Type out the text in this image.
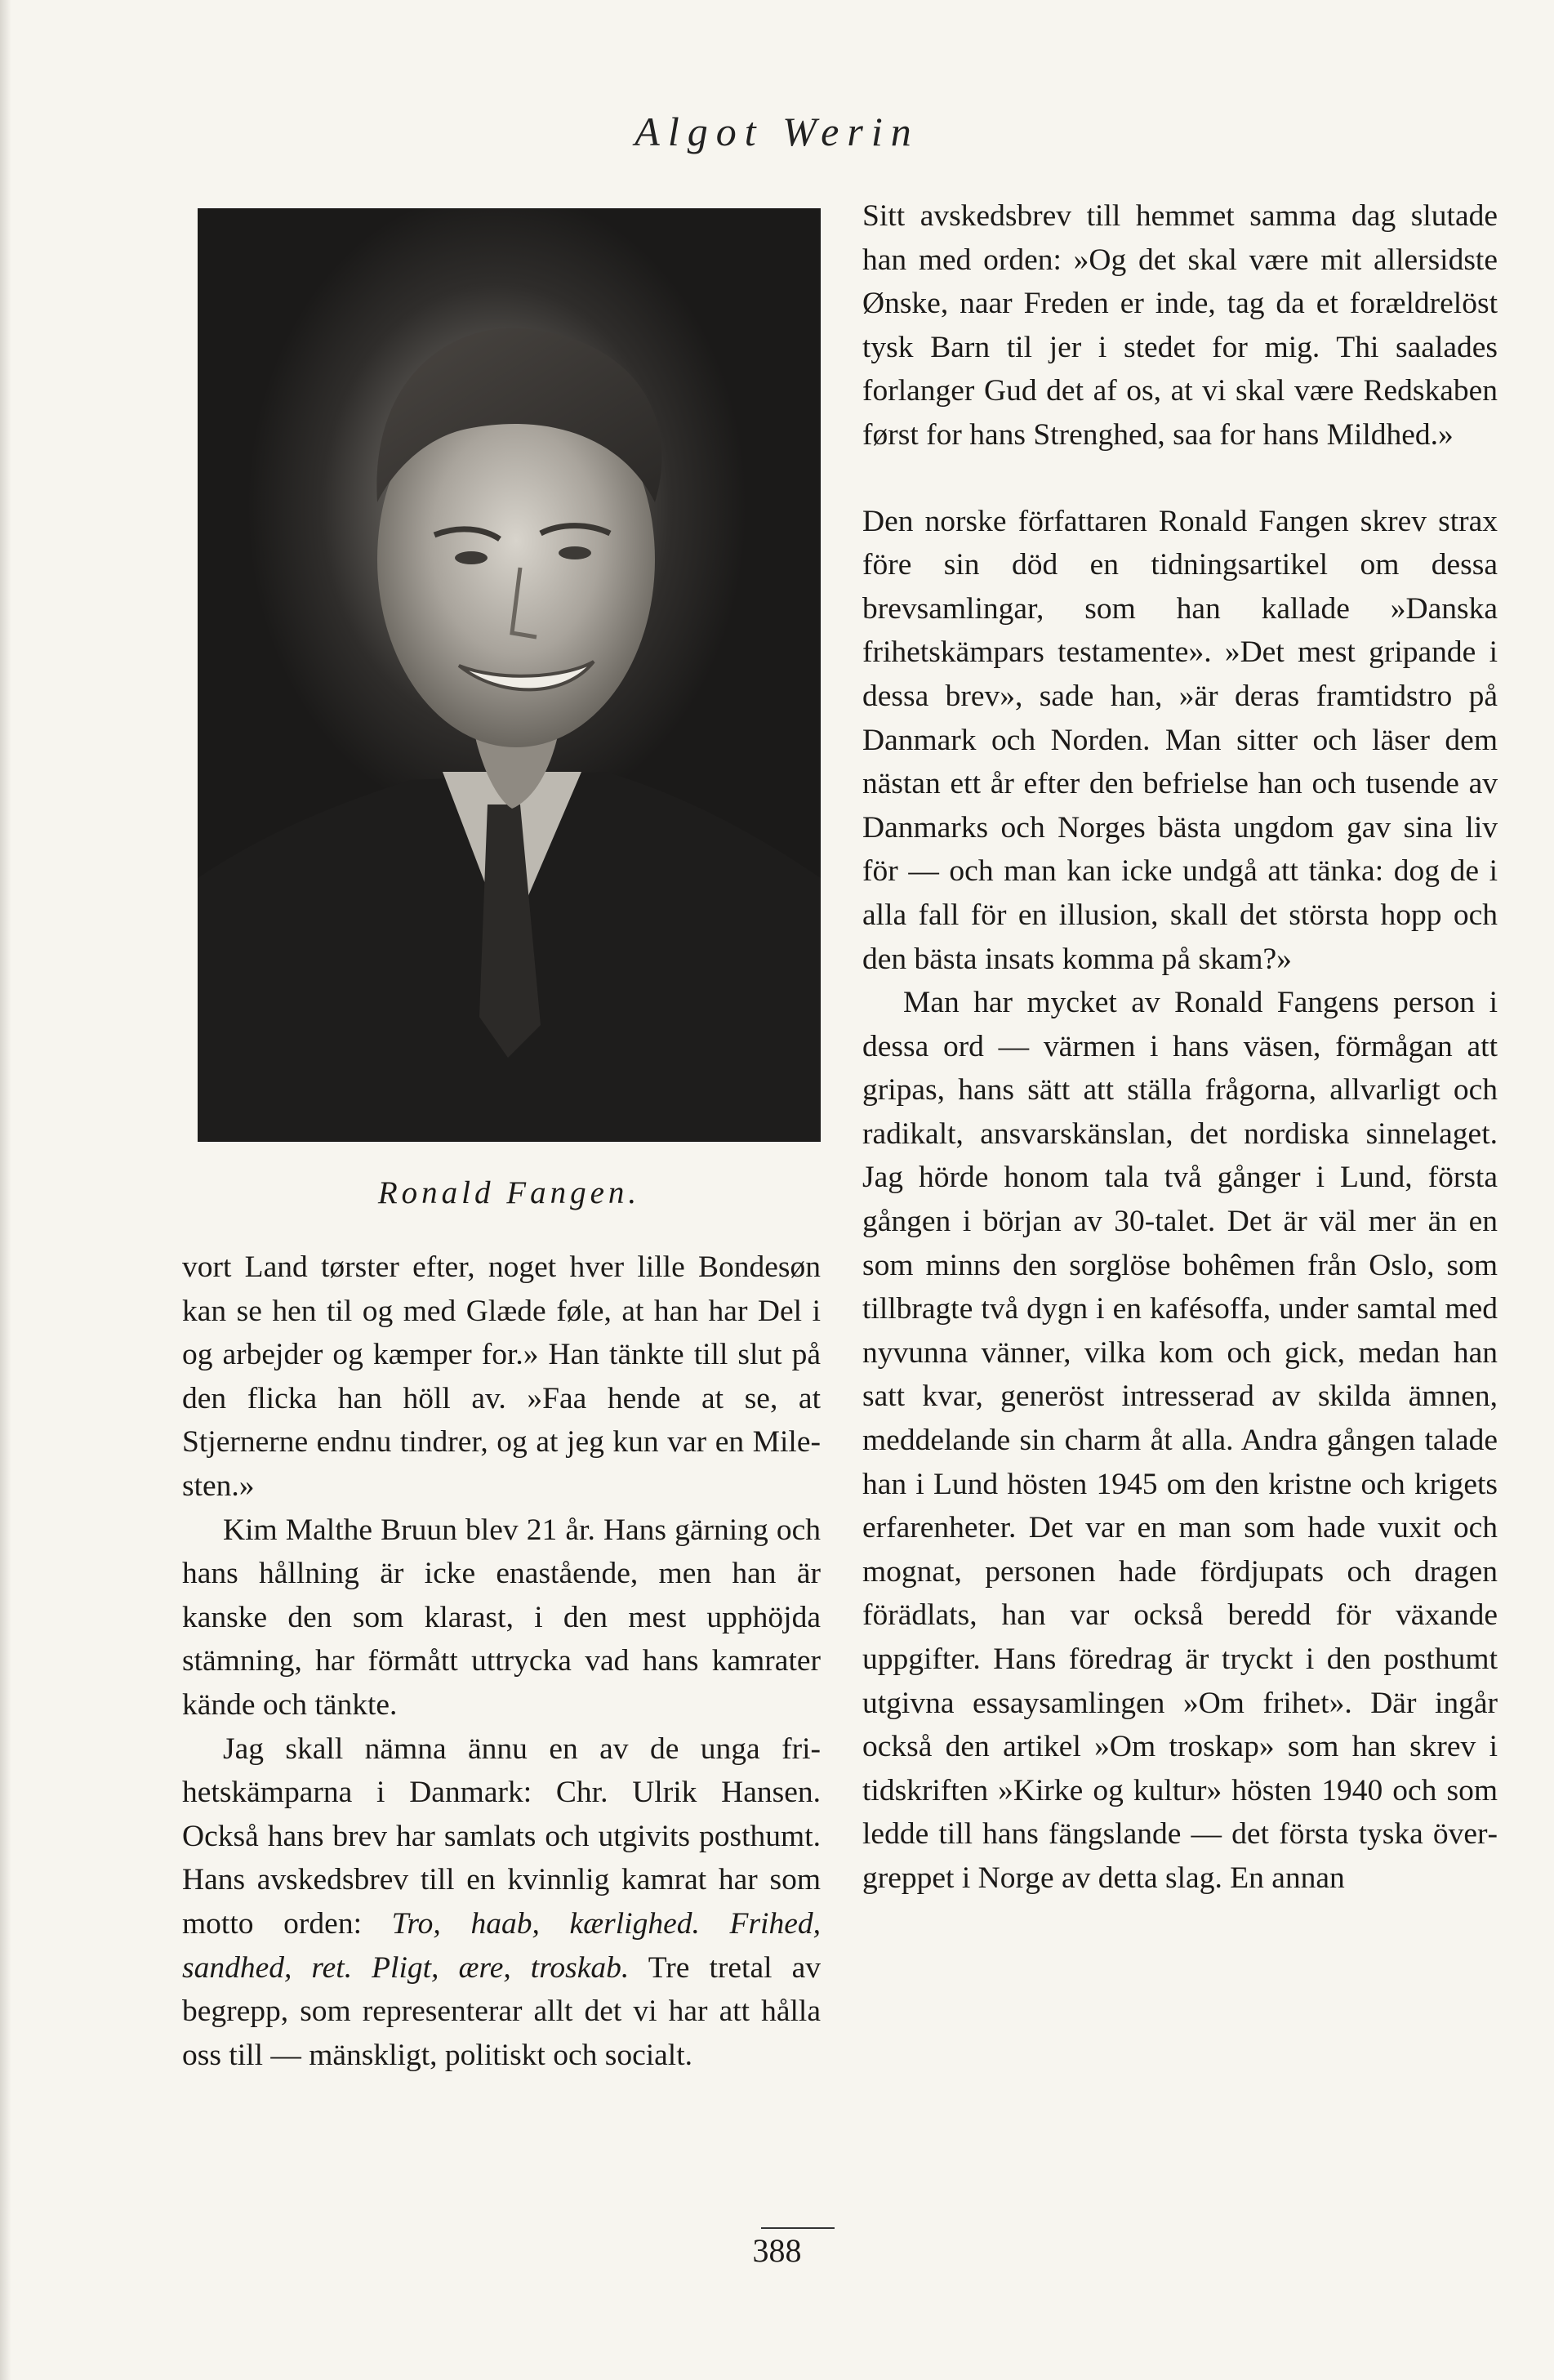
Algot Werin
Ronald Fangen.

vort Land tørster efter, noget hver lille Bondesøn kan se hen til og med Glæde føle, at han har Del i og arbejder og kæmper for.» Han tänkte till slut på den flicka han höll av. »Faa hende at se, at Stjernerne endnu tindrer, og at jeg kun var en Milesten.»

Kim Malthe Bruun blev 21 år. Hans gärning och hans hållning är icke enastående, men han är kanske den som klarast, i den mest upphöjda stämning, har förmått uttrycka vad hans kamrater kände och tänkte.

Jag skall nämna ännu en av de unga frihetskämparna i Danmark: Chr. Ulrik Hansen. Också hans brev har samlats och utgivits posthumt. Hans avskedsbrev till en kvinnlig kamrat har som motto orden: Tro, haab, kærlighed. Frihed, sandhed, ret. Pligt, ære, troskab. Tre tretal av begrepp, som representerar allt det vi har att hålla oss till — mänskligt, politiskt och socialt.

Sitt avskedsbrev till hemmet samma dag slutade han med orden: »Og det skal være mit allersidste Ønske, naar Freden er inde, tag da et forældrelöst tysk Barn til jer i stedet for mig. Thi saalades forlanger Gud det af os, at vi skal være Redskaben først for hans Strenghed, saa for hans Mildhed.»

Den norske författaren Ronald Fangen skrev strax före sin död en tidningsartikel om dessa brevsamlingar, som han kallade »Danska frihetskämpars testamente». »Det mest gripande i dessa brev», sade han, »är deras framtidstro på Danmark och Norden. Man sitter och läser dem nästan ett år efter den befrielse han och tusende av Danmarks och Norges bästa ungdom gav sina liv för — och man kan icke undgå att tänka: dog de i alla fall för en illusion, skall det största hopp och den bästa insats komma på skam?»

Man har mycket av Ronald Fangens person i dessa ord — värmen i hans väsen, förmågan att gripas, hans sätt att ställa frågorna, allvarligt och radikalt, ansvarskänslan, det nordiska sinnelaget. Jag hörde honom tala två gånger i Lund, första gången i början av 30-talet. Det är väl mer än en som minns den sorglöse bohêmen från Oslo, som tillbragte två dygn i en kafésoffa, under samtal med nyvunna vänner, vilka kom och gick, medan han satt kvar, generöst intresserad av skilda ämnen, meddelande sin charm åt alla. Andra gången talade han i Lund hösten 1945 om den kristne och krigets erfarenheter. Det var en man som hade vuxit och mognat, personen hade fördjupats och dragen förädlats, han var också beredd för växande uppgifter. Hans föredrag är tryckt i den posthumt utgivna essaysamlingen »Om frihet». Där ingår också den artikel »Om troskap» som han skrev i tidskriften »Kirke og kultur» hösten 1940 och som ledde till hans fängslande — det första tyska övergreppet i Norge av detta slag. En annan

388
